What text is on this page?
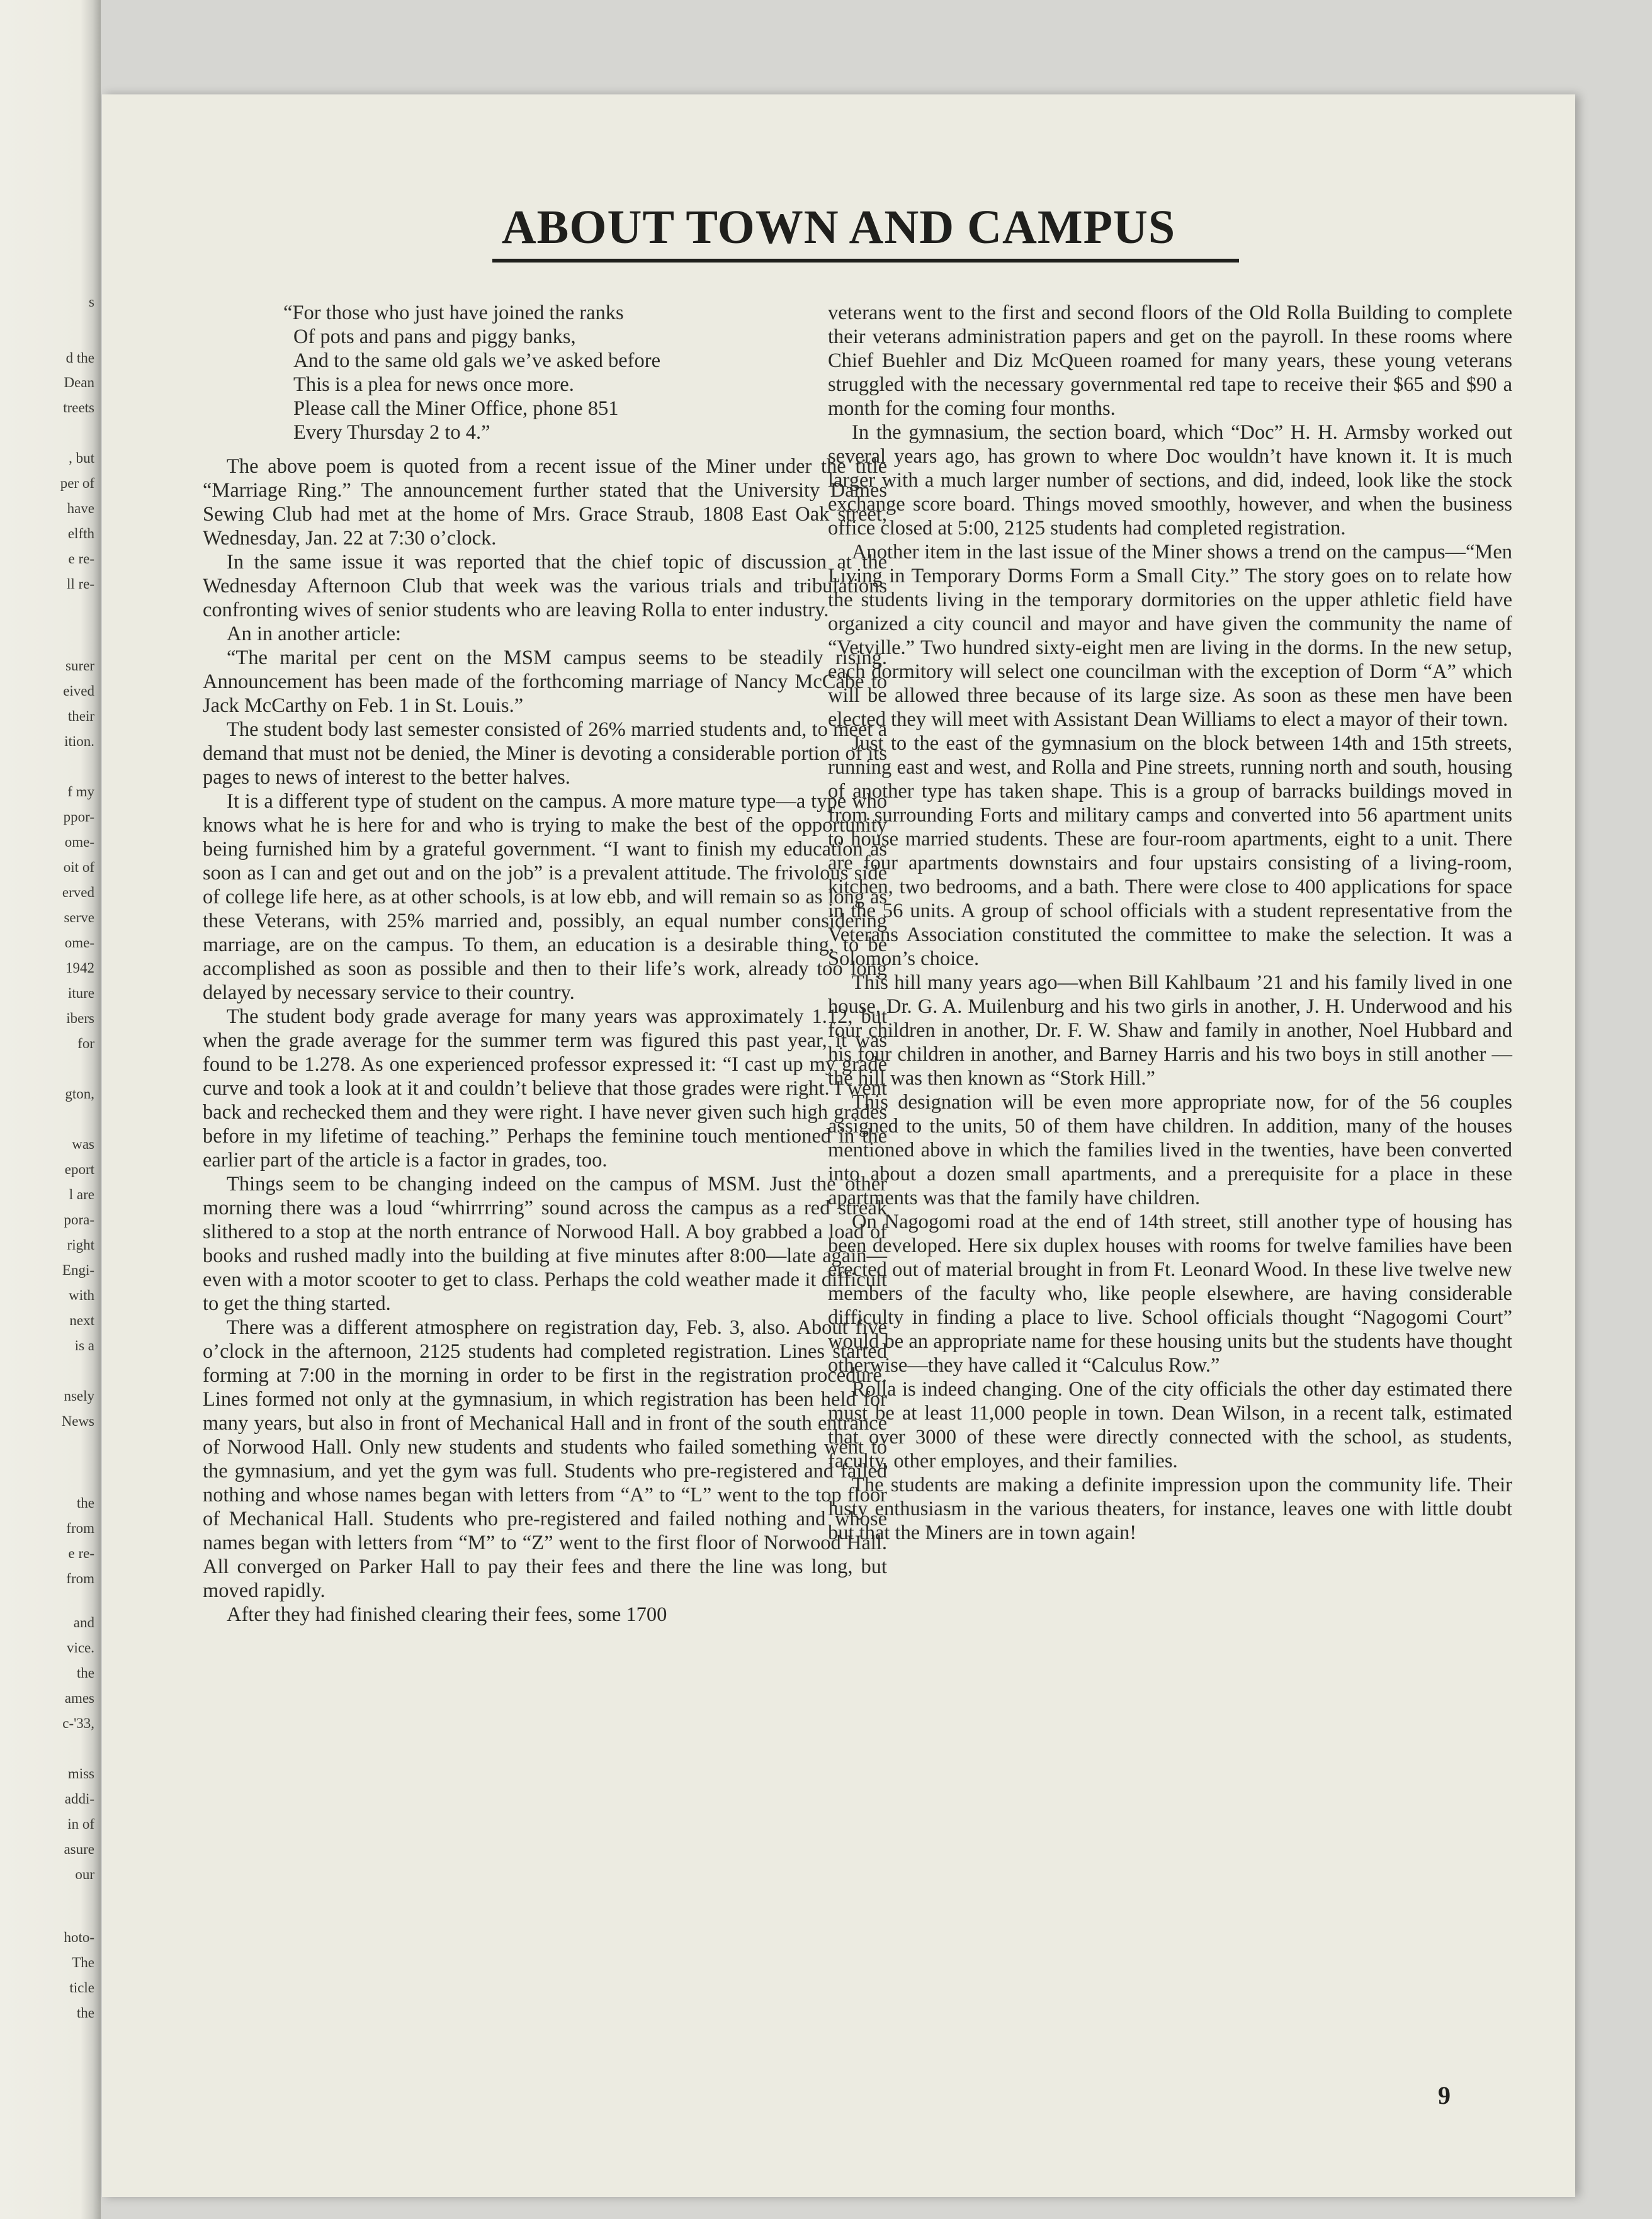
s
d the
Dean
treets
, but
per of
have
elfth
e re-
ll re-
surer
eived
their
ition.
f my
ppor-
ome-
oit of
erved
serve
ome-
1942
iture
ibers
for
gton,
was
eport
l are
pora-
right
Engi-
with
next
is a
nsely
News
the
from
e re-
from
and
vice.
the
ames
c-'33,
miss
addi-
in of
asure
our
hoto-
The
ticle
the
ABOUT TOWN AND CAMPUS
“For those who just have joined the ranks
Of pots and pans and piggy banks,
And to the same old gals we’ve asked before
This is a plea for news once more.
Please call the Miner Office, phone 851
Every Thursday 2 to 4.”

The above poem is quoted from a recent issue of the Miner under the title “Marriage Ring.” The announcement further stated that the University Dames Sewing Club had met at the home of Mrs. Grace Straub, 1808 East Oak street, Wednesday, Jan. 22 at 7:30 o’clock.

In the same issue it was reported that the chief topic of discussion at the Wednesday Afternoon Club that week was the various trials and tribulations confronting wives of senior students who are leaving Rolla to enter industry.

An in another article:

“The marital per cent on the MSM campus seems to be steadily rising. Announcement has been made of the forthcoming marriage of Nancy McCabe to Jack McCarthy on Feb. 1 in St. Louis.”

The student body last semester consisted of 26% married students and, to meet a demand that must not be denied, the Miner is devoting a considerable portion of its pages to news of interest to the better halves.

It is a different type of student on the campus. A more mature type—a type who knows what he is here for and who is trying to make the best of the opportunity being furnished him by a grateful government. “I want to finish my education as soon as I can and get out and on the job” is a prevalent attitude. The frivolous side of college life here, as at other schools, is at low ebb, and will remain so as long as these Veterans, with 25% married and, possibly, an equal number considering marriage, are on the campus. To them, an education is a desirable thing, to be accomplished as soon as possible and then to their life’s work, already too long delayed by necessary service to their country.

The student body grade average for many years was approximately 1.12, but when the grade average for the summer term was figured this past year, it was found to be 1.278. As one experienced professor expressed it: “I cast up my grade curve and took a look at it and couldn’t believe that those grades were right. I went back and rechecked them and they were right. I have never given such high grades before in my lifetime of teaching.” Perhaps the feminine touch mentioned in the earlier part of the article is a factor in grades, too.

Things seem to be changing indeed on the campus of MSM. Just the other morning there was a loud “whirrrring” sound across the campus as a red streak slithered to a stop at the north entrance of Norwood Hall. A boy grabbed a load of books and rushed madly into the building at five minutes after 8:00—late again—even with a motor scooter to get to class. Perhaps the cold weather made it difficult to get the thing started.

There was a different atmosphere on registration day, Feb. 3, also. About five o’clock in the afternoon, 2125 students had completed registration. Lines started forming at 7:00 in the morning in order to be first in the registration procedure. Lines formed not only at the gymnasium, in which registration has been held for many years, but also in front of Mechanical Hall and in front of the south entrance of Norwood Hall. Only new students and students who failed something went to the gymnasium, and yet the gym was full. Students who pre-registered and failed nothing and whose names began with letters from “A” to “L” went to the top floor of Mechanical Hall. Students who pre-registered and failed nothing and whose names began with letters from “M” to “Z” went to the first floor of Norwood Hall. All converged on Parker Hall to pay their fees and there the line was long, but moved rapidly.

After they had finished clearing their fees, some 1700

veterans went to the first and second floors of the Old Rolla Building to complete their veterans administration papers and get on the payroll. In these rooms where Chief Buehler and Diz McQueen roamed for many years, these young veterans struggled with the necessary governmental red tape to receive their $65 and $90 a month for the coming four months.

In the gymnasium, the section board, which “Doc” H. H. Armsby worked out several years ago, has grown to where Doc wouldn’t have known it. It is much larger with a much larger number of sections, and did, indeed, look like the stock exchange score board. Things moved smoothly, however, and when the business office closed at 5:00, 2125 students had completed registration.

Another item in the last issue of the Miner shows a trend on the campus—“Men Living in Temporary Dorms Form a Small City.” The story goes on to relate how the students living in the temporary dormitories on the upper athletic field have organized a city council and mayor and have given the community the name of “Vetville.” Two hundred sixty-eight men are living in the dorms. In the new setup, each dormitory will select one councilman with the exception of Dorm “A” which will be allowed three because of its large size. As soon as these men have been elected they will meet with Assistant Dean Williams to elect a mayor of their town.

Just to the east of the gymnasium on the block between 14th and 15th streets, running east and west, and Rolla and Pine streets, running north and south, housing of another type has taken shape. This is a group of barracks buildings moved in from surrounding Forts and military camps and converted into 56 apartment units to house married students. These are four-room apartments, eight to a unit. There are four apartments downstairs and four upstairs consisting of a living-room, kitchen, two bedrooms, and a bath. There were close to 400 applications for space in the 56 units. A group of school officials with a student representative from the Veterans Association constituted the committee to make the selection. It was a Solomon’s choice.

This hill many years ago—when Bill Kahlbaum ’21 and his family lived in one house, Dr. G. A. Muilenburg and his two girls in another, J. H. Underwood and his four children in another, Dr. F. W. Shaw and family in another, Noel Hubbard and his four children in another, and Barney Harris and his two boys in still another — the hill was then known as “Stork Hill.”

This designation will be even more appropriate now, for of the 56 couples assigned to the units, 50 of them have children. In addition, many of the houses mentioned above in which the families lived in the twenties, have been converted into about a dozen small apartments, and a prerequisite for a place in these apartments was that the family have children.

On Nagogomi road at the end of 14th street, still another type of housing has been developed. Here six duplex houses with rooms for twelve families have been erected out of material brought in from Ft. Leonard Wood. In these live twelve new members of the faculty who, like people elsewhere, are having considerable difficulty in finding a place to live. School officials thought “Nagogomi Court” would be an appropriate name for these housing units but the students have thought otherwise—they have called it “Calculus Row.”

Rolla is indeed changing. One of the city officials the other day estimated there must be at least 11,000 people in town. Dean Wilson, in a recent talk, estimated that over 3000 of these were directly connected with the school, as students, faculty, other employes, and their families.

The students are making a definite impression upon the community life. Their lusty enthusiasm in the various theaters, for instance, leaves one with little doubt but that the Miners are in town again!

9
